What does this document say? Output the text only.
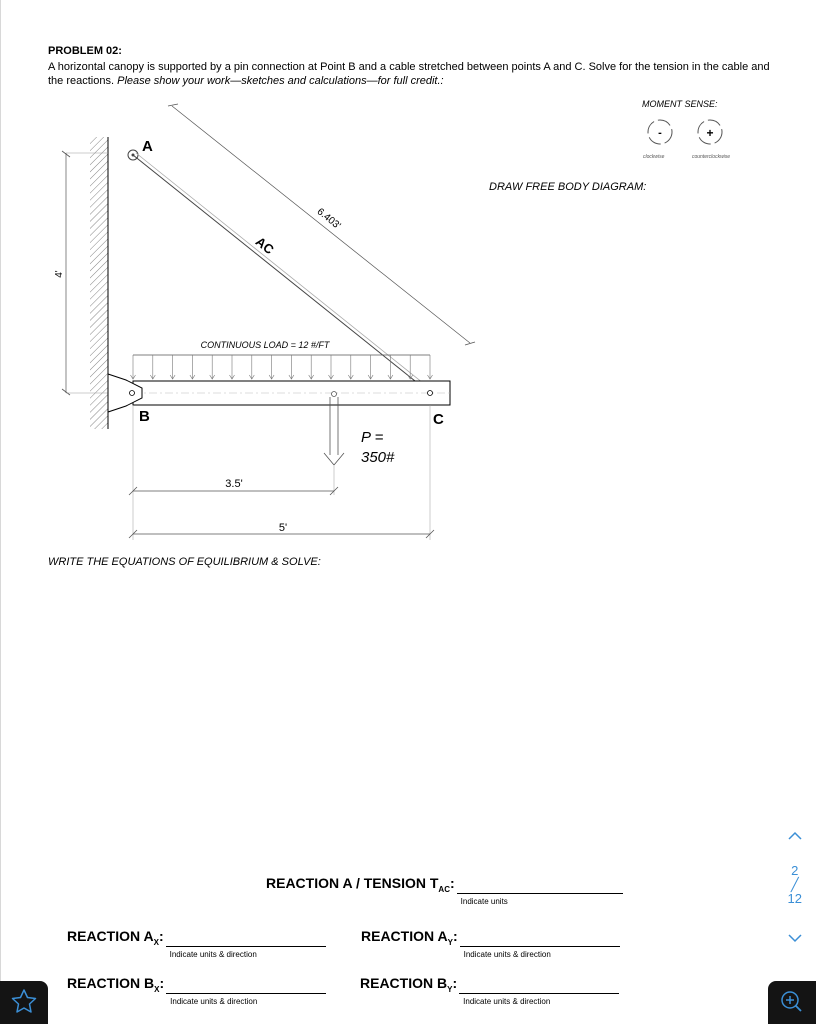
PROBLEM 02:
A horizontal canopy is supported by a pin connection at Point B and a cable stretched between points A and C. Solve for the tension in the cable and the reactions. Please show your work—sketches and calculations—for full credit.:
MOMENT SENSE:
clockwise	counterclockwise
DRAW FREE BODY DIAGRAM:
WRITE THE EQUATIONS OF EQUILIBRIUM & SOLVE:
-	+
4'
A
AC
6.403'
CONTINUOUS LOAD = 12 #/FT
B	C
P =
350#
3.5'
5'
REACTION A / TENSION $T_{AC}$:
Indicate units
REACTION $A_X$:
Indicate units & direction
REACTION $A_Y$:
Indicate units & direction
REACTION $B_X$:
Indicate units & direction
REACTION $B_Y$:
Indicate units & direction
2
╱
12
